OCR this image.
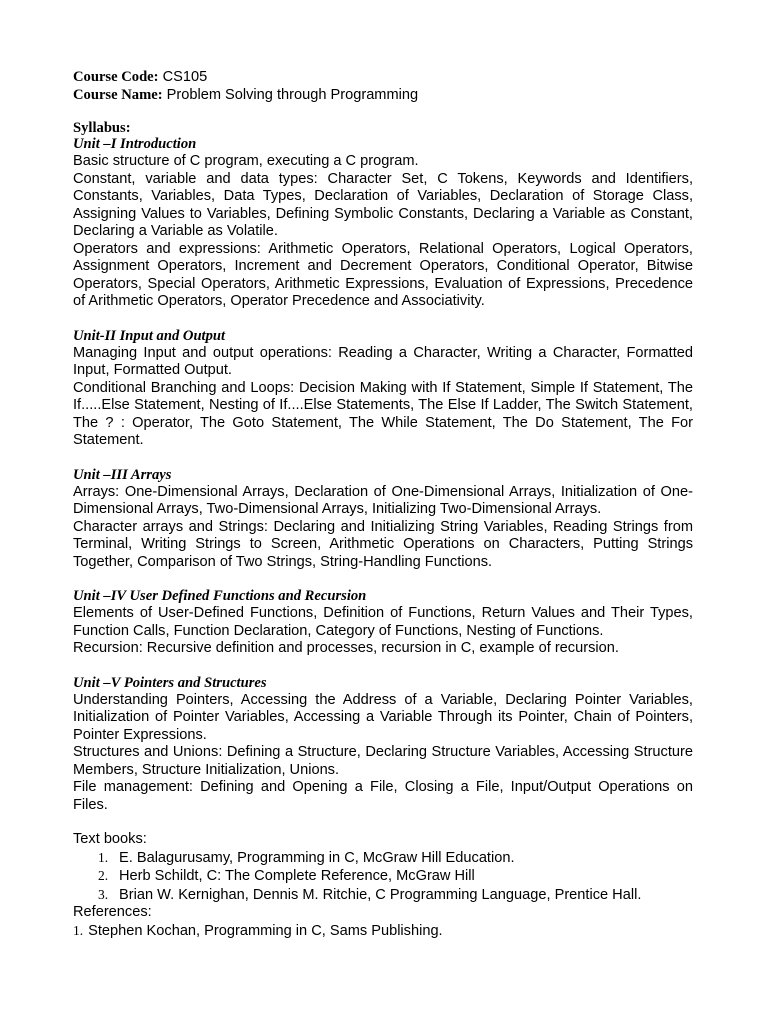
Course Code: CS105
Course Name: Problem Solving through Programming
Syllabus:
Unit –I Introduction

Basic structure of C program, executing a C program.

Constant, variable and data types: Character Set, C Tokens, Keywords and Identifiers, Constants, Variables, Data Types, Declaration of Variables, Declaration of Storage Class, Assigning Values to Variables, Defining Symbolic Constants, Declaring a Variable as Constant, Declaring a Variable as Volatile.

Operators and expressions: Arithmetic Operators, Relational Operators, Logical Operators, Assignment Operators, Increment and Decrement Operators, Conditional Operator, Bitwise Operators, Special Operators, Arithmetic Expressions, Evaluation of Expressions, Precedence of Arithmetic Operators, Operator Precedence and Associativity.

Unit-II Input and Output

Managing Input and output operations: Reading a Character, Writing a Character, Formatted Input, Formatted Output.

Conditional Branching and Loops: Decision Making with If Statement, Simple If Statement, The If.....Else Statement, Nesting of If....Else Statements, The Else If Ladder, The Switch Statement, The ? : Operator, The Goto Statement, The While Statement, The Do Statement, The For Statement.

Unit –III Arrays

Arrays: One-Dimensional Arrays, Declaration of One-Dimensional Arrays, Initialization of One-Dimensional Arrays, Two-Dimensional Arrays, Initializing Two-Dimensional Arrays.

Character arrays and Strings: Declaring and Initializing String Variables, Reading Strings from Terminal, Writing Strings to Screen, Arithmetic Operations on Characters, Putting Strings Together, Comparison of Two Strings, String-Handling Functions.

Unit –IV User Defined Functions and Recursion

Elements of User-Defined Functions, Definition of Functions, Return Values and Their Types, Function Calls, Function Declaration, Category of Functions, Nesting of Functions.

Recursion: Recursive definition and processes, recursion in C, example of recursion.

Unit –V Pointers and Structures

Understanding Pointers, Accessing the Address of a Variable, Declaring Pointer Variables, Initialization of Pointer Variables, Accessing a Variable Through its Pointer, Chain of Pointers, Pointer Expressions.

Structures and Unions: Defining a Structure, Declaring Structure Variables, Accessing Structure Members, Structure Initialization, Unions.

File management: Defining and Opening a File, Closing a File, Input/Output Operations on Files.

Text books:
1. E. Balagurusamy, Programming in C, McGraw Hill Education.
2. Herb Schildt, C: The Complete Reference, McGraw Hill
3. Brian W. Kernighan, Dennis M. Ritchie, C Programming Language, Prentice Hall.
References:
1. Stephen Kochan, Programming in C, Sams Publishing.
